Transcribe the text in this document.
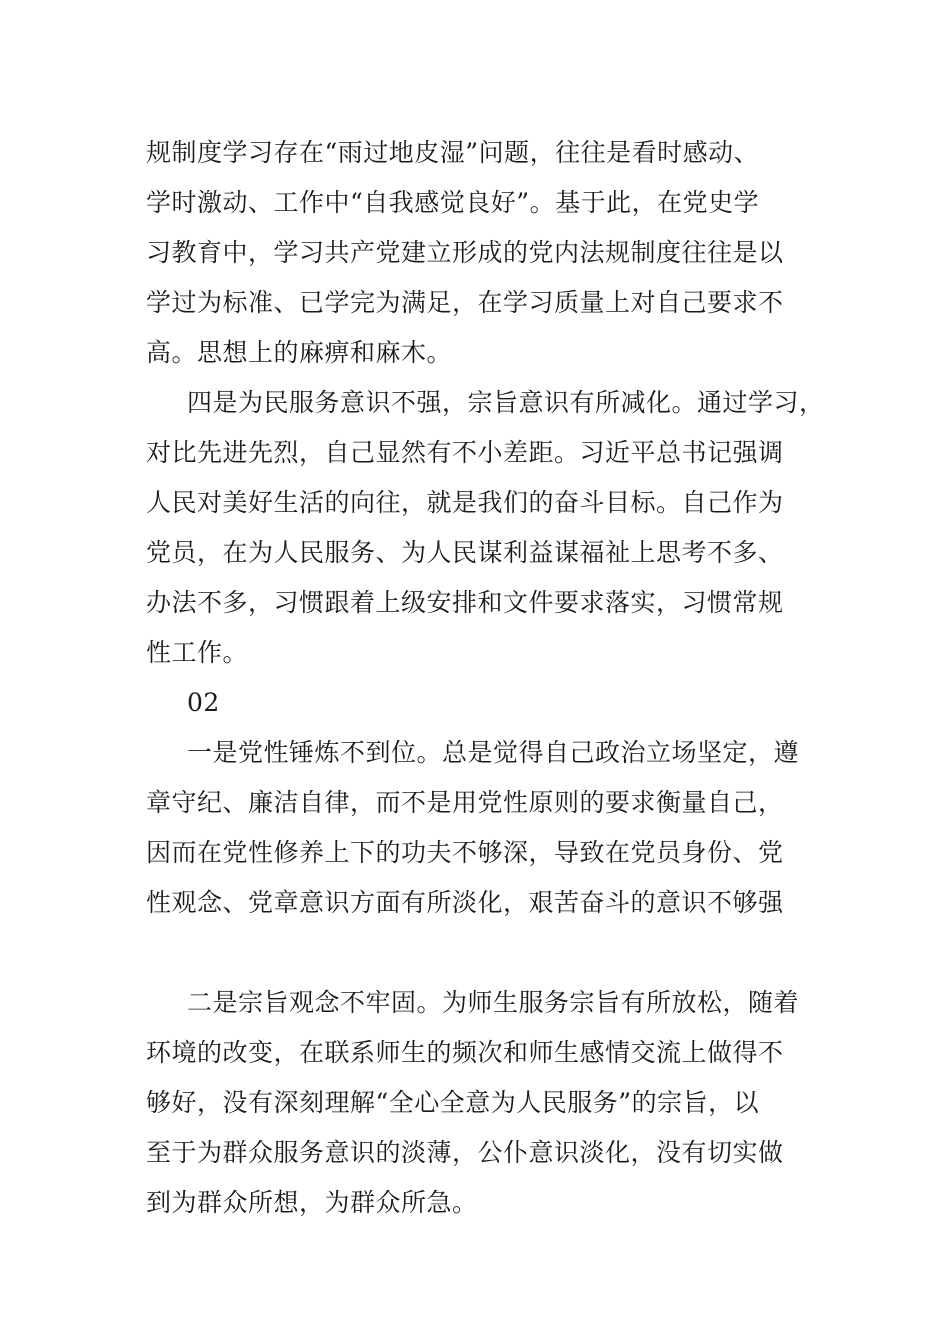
规制度学习存在“雨过地皮湿”问题，往往是看时感动、
学时激动、工作中“自我感觉良好”。基于此，在党史学
习教育中，学习共产党建立形成的党内法规制度往往是以
学过为标准、已学完为满足，在学习质量上对自己要求不
高。思想上的麻痹和麻木。
四是为民服务意识不强，宗旨意识有所减化。通过学习，
对比先进先烈，自己显然有不小差距。习近平总书记强调
人民对美好生活的向往，就是我们的奋斗目标。自己作为
党员，在为人民服务、为人民谋利益谋福祉上思考不多、
办法不多，习惯跟着上级安排和文件要求落实，习惯常规
性工作。
02
一是党性锤炼不到位。总是觉得自己政治立场坚定，遵
章守纪、廉洁自律，而不是用党性原则的要求衡量自己，
因而在党性修养上下的功夫不够深，导致在党员身份、党
性观念、党章意识方面有所淡化，艰苦奋斗的意识不够强
二是宗旨观念不牢固。为师生服务宗旨有所放松，随着
环境的改变，在联系师生的频次和师生感情交流上做得不
够好，没有深刻理解“全心全意为人民服务”的宗旨，以
至于为群众服务意识的淡薄，公仆意识淡化，没有切实做
到为群众所想，为群众所急。
